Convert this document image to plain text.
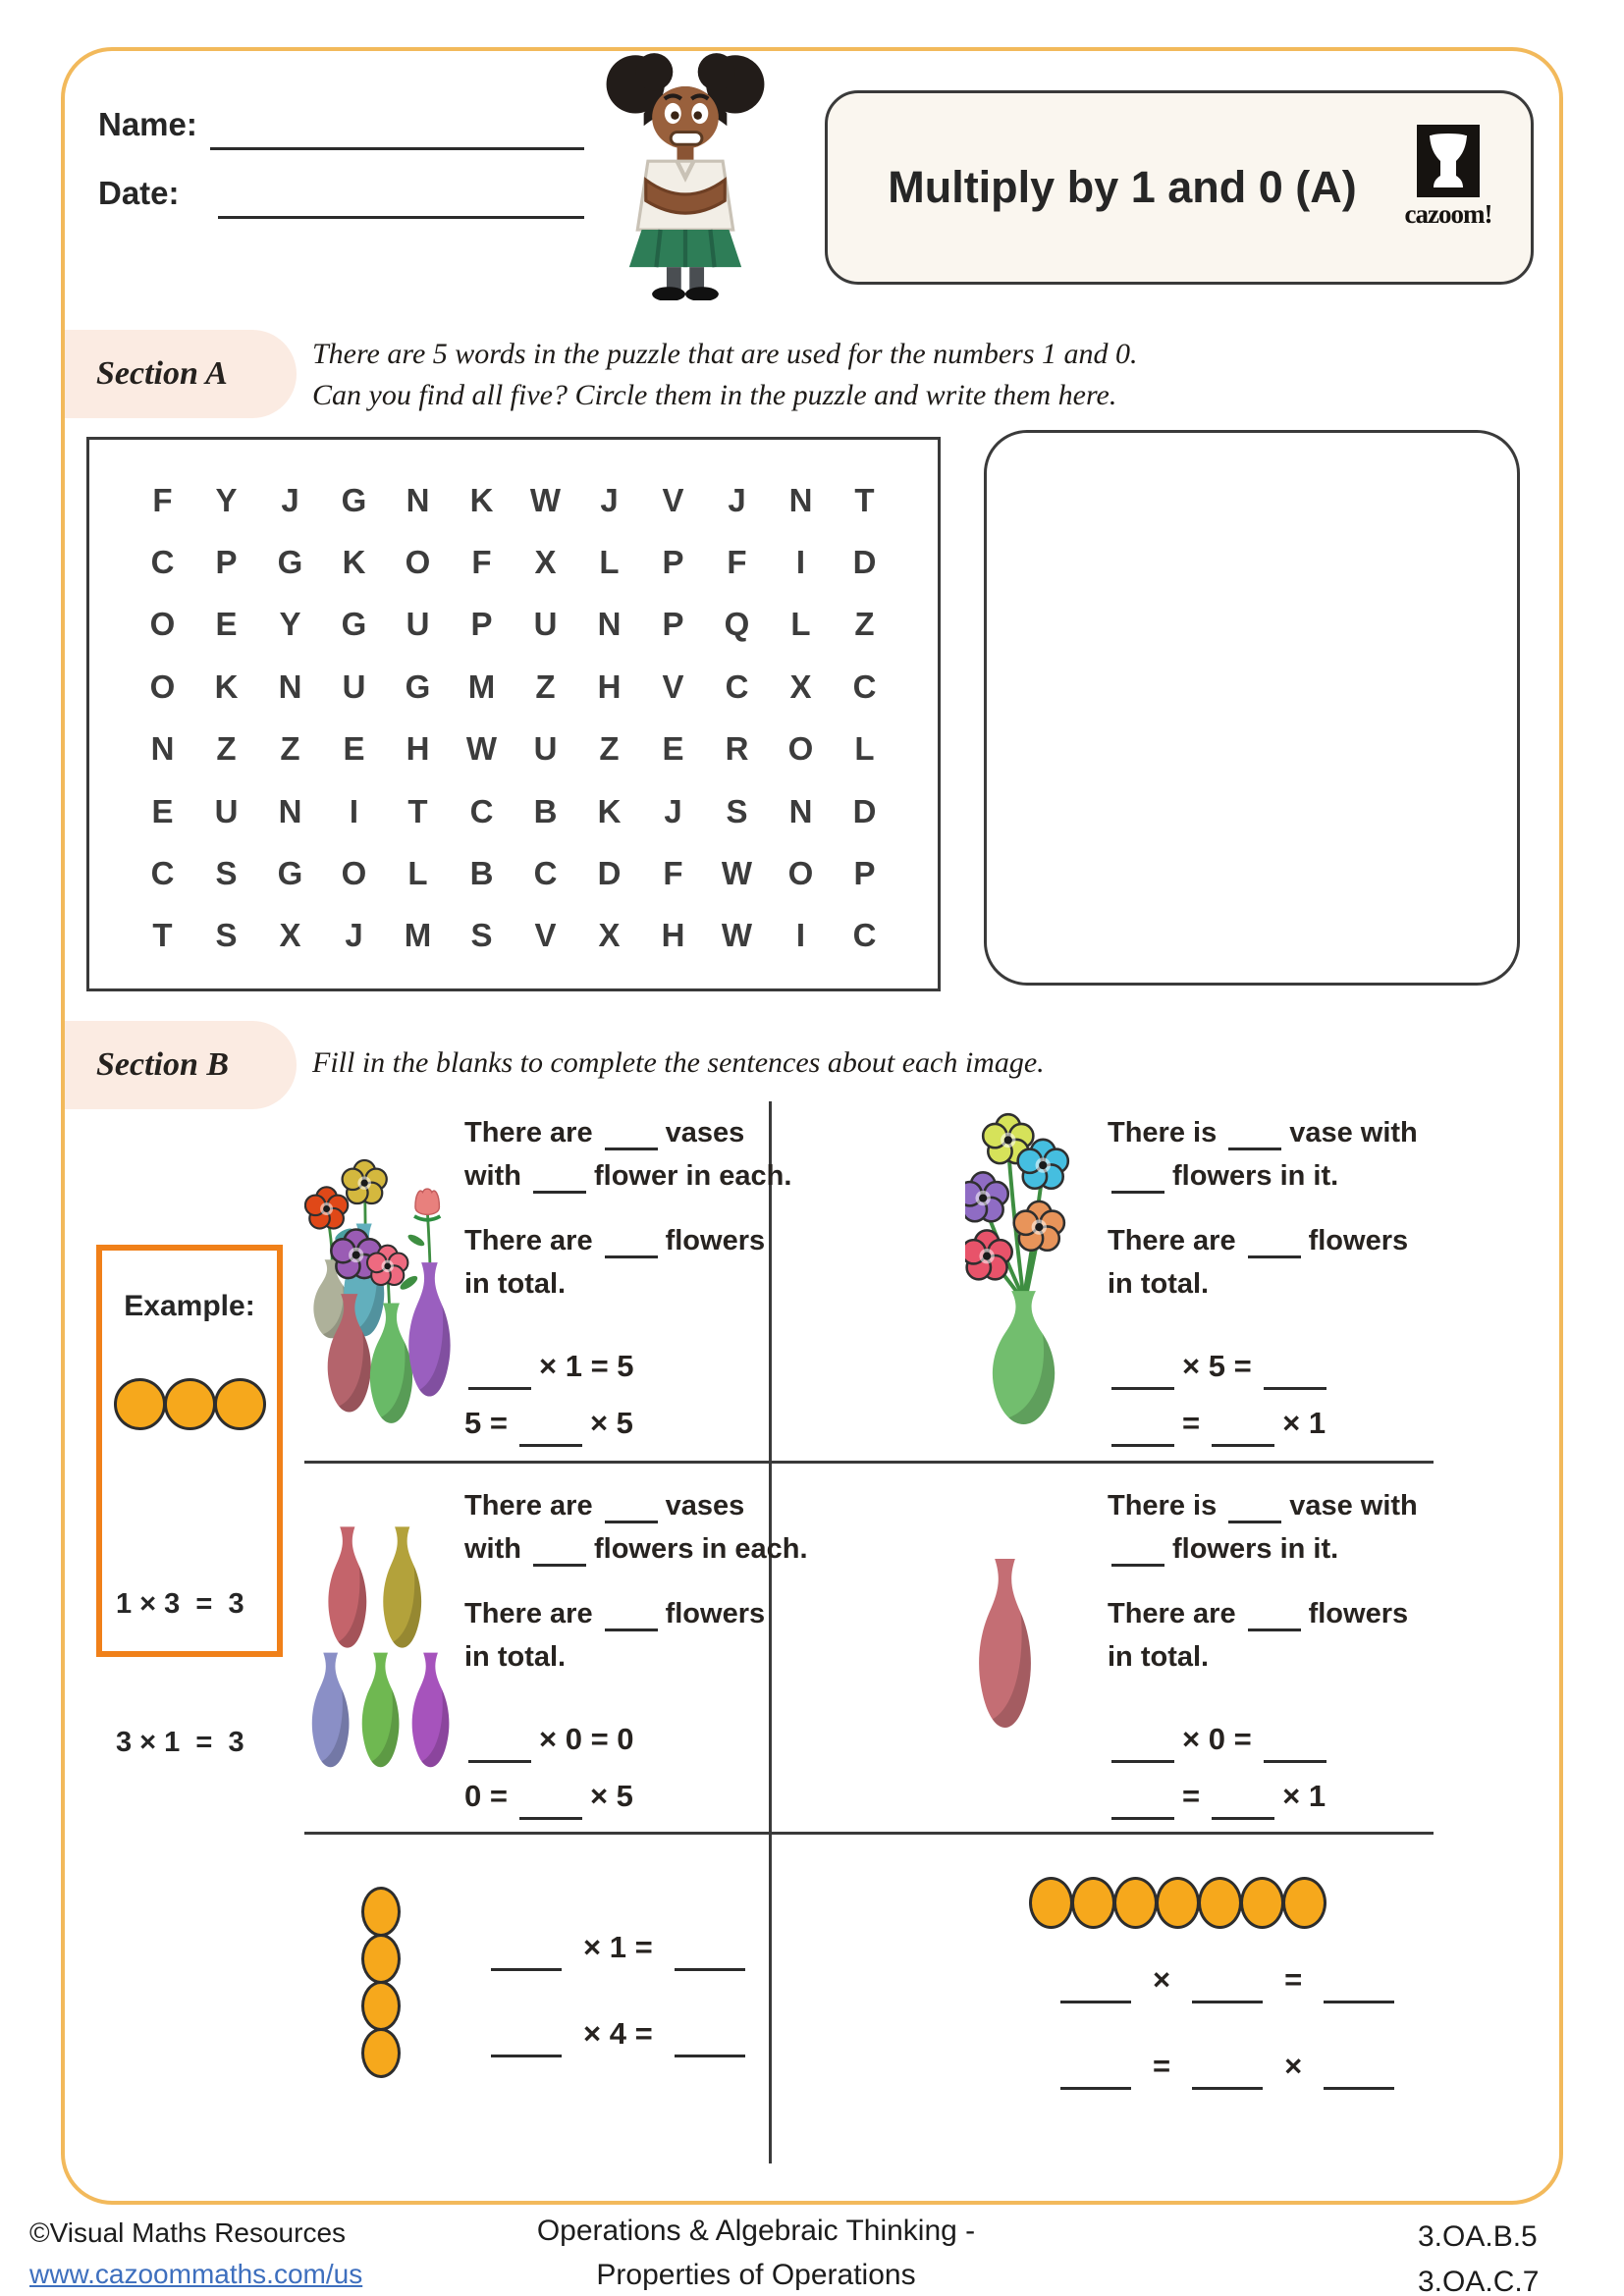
Name:
Date:	Multiply by 1 and 0 (A)
cazoom!
Section A
There are 5 words in the puzzle that are used for the numbers 1 and 0.
Can you find all five? Circle them in the puzzle and write them here.
F	Y	J	G	N	K	W	J	V	J	N	T
C	P	G	K	O	F	X	L	P	F	I	D
O	E	Y	G	U	P	U	N	P	Q	L	Z
O	K	N	U	G	M	Z	H	V	C	X	C
N	Z	Z	E	H	W	U	Z	E	R	O	L
E	U	N	I	T	C	B	K	J	S	N	D
C	S	G	O	L	B	C	D	F	W	O	P
T	S	X	J	M	S	V	X	H	W	I	C
Section B	Fill in the blanks to complete the sentences about each image.
Example:

1 × 3  =  3

3 × 1  =  3

There are	vases
with	flower in each.
There are	flowers
in total.
× 1 = 5
5 =	× 5
There is	vase with
flowers in it.
There are	flowers
in total.
× 5 =
=	× 1
There are	vases
with	flowers in each.
There are	flowers
in total.
× 0 = 0
0 =	× 5
There is	vase with
flowers in it.
There are	flowers
in total.
× 0 =
=	× 1
× 1 =
× 4 =
×	=
=	×
©Visual Maths Resources
www.cazoommaths.com/us
Operations & Algebraic Thinking -
Properties of Operations
3.OA.B.5
3.OA.C.7
